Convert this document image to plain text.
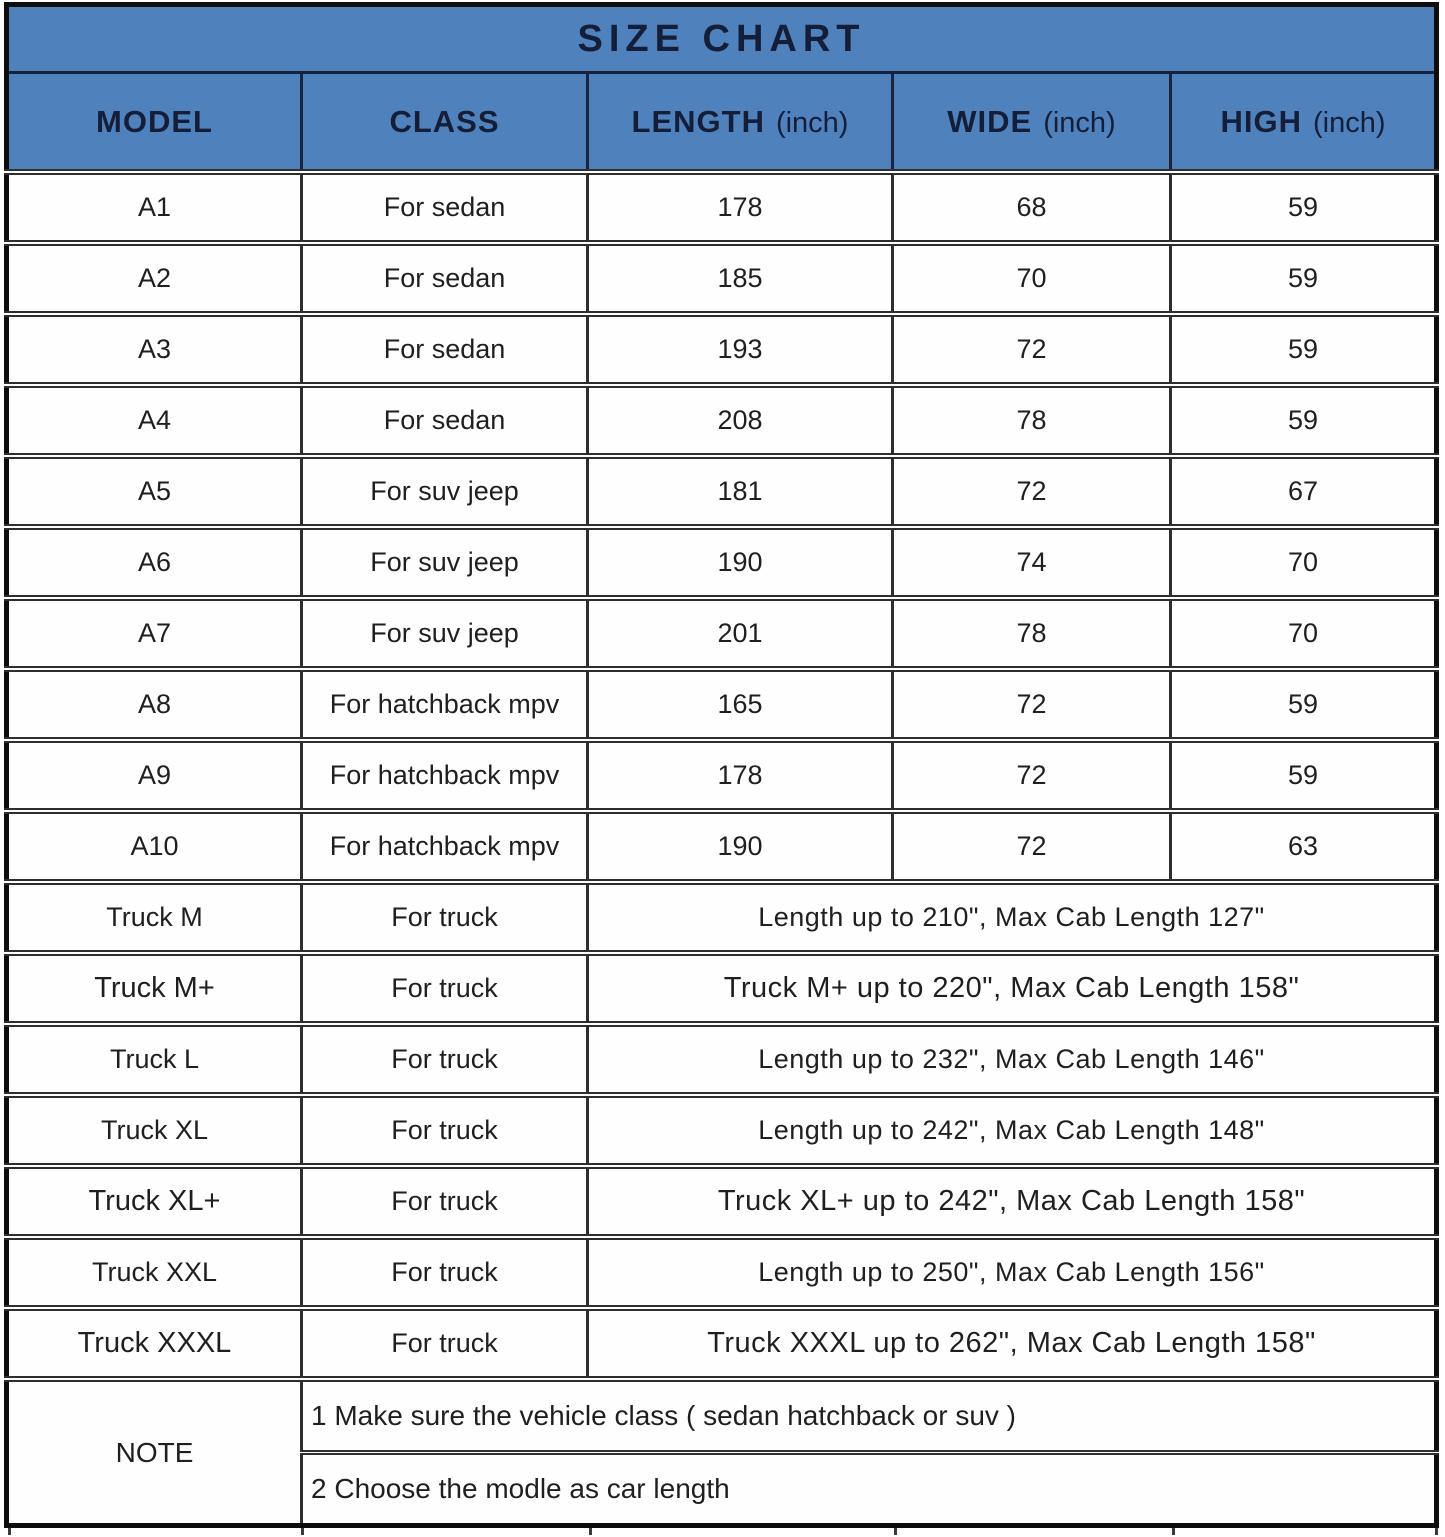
SIZE CHART				
MODEL	CLASS	LENGTH (inch)	WIDE (inch)	HIGH (inch)
A1	For sedan	178	68	59
A2	For sedan	185	70	59
A3	For sedan	193	72	59
A4	For sedan	208	78	59
A5	For suv jeep	181	72	67
A6	For suv jeep	190	74	70
A7	For suv jeep	201	78	70
A8	For hatchback mpv	165	72	59
A9	For hatchback mpv	178	72	59
A10	For hatchback mpv	190	72	63
Truck M	For truck	Length up to 210", Max Cab Length 127"		
Truck M+	For truck	Truck M+ up to 220", Max Cab Length 158"		
Truck L	For truck	Length up to 232", Max Cab Length 146"		
Truck XL	For truck	Length up to 242", Max Cab Length 148"		
Truck XL+	For truck	Truck XL+ up to 242", Max Cab Length 158"		
Truck XXL	For truck	Length up to 250", Max Cab Length 156"		
Truck XXXL	For truck	Truck XXXL up to 262", Max Cab Length 158"		
NOTE	1 Make sure the vehicle class ( sedan hatchback or suv )			
	2 Choose the modle as car length			
